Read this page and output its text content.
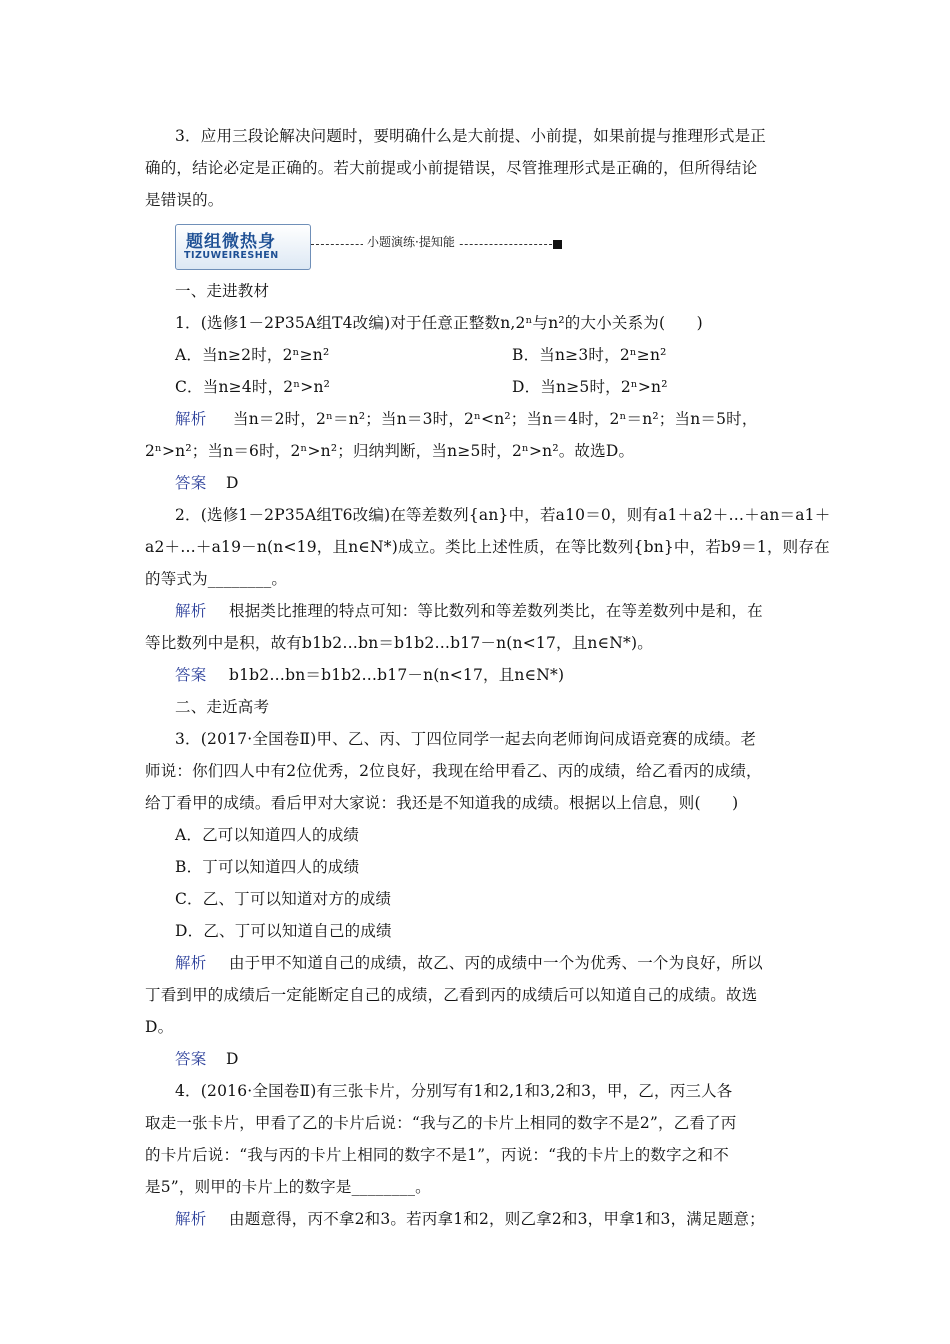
3．应用三段论解决问题时，要明确什么是大前提、小前提，如果前提与推理形式是正
确的，结论必定是正确的。若大前提或小前提错误，尽管推理形式是正确的，但所得结论
是错误的。
题组微热身
TIZUWEIRESHEN
小题演练·提知能
一、走进教材
1．(选修1－2P35A组T4改编)对于任意正整数n,2ⁿ与n²的大小关系为(　　)
A．当n≥2时，2ⁿ≥n²	B．当n≥3时，2ⁿ≥n²
C．当n≥4时，2ⁿ>n²	D．当n≥5时，2ⁿ>n²
解析 当n＝2时，2ⁿ＝n²；当n＝3时，2ⁿ<n²；当n＝4时，2ⁿ＝n²；当n＝5时，
2ⁿ>n²；当n＝6时，2ⁿ>n²；归纳判断，当n≥5时，2ⁿ>n²。故选D。
答案 D
2．(选修1－2P35A组T6改编)在等差数列{an}中，若a10＝0，则有a1＋a2＋…＋an＝a1＋
a2＋…＋a19－n(n<19，且n∈N*)成立。类比上述性质，在等比数列{bn}中，若b9＝1，则存在
的等式为________。
解析 根据类比推理的特点可知：等比数列和等差数列类比，在等差数列中是和，在
等比数列中是积，故有b1b2…bn＝b1b2…b17－n(n<17，且n∈N*)。
答案 b1b2…bn＝b1b2…b17－n(n<17，且n∈N*)
二、走近高考
3．(2017·全国卷Ⅱ)甲、乙、丙、丁四位同学一起去向老师询问成语竞赛的成绩。老
师说：你们四人中有2位优秀，2位良好，我现在给甲看乙、丙的成绩，给乙看丙的成绩，
给丁看甲的成绩。看后甲对大家说：我还是不知道我的成绩。根据以上信息，则(　　)
A．乙可以知道四人的成绩
B．丁可以知道四人的成绩
C．乙、丁可以知道对方的成绩
D．乙、丁可以知道自己的成绩
解析 由于甲不知道自己的成绩，故乙、丙的成绩中一个为优秀、一个为良好，所以
丁看到甲的成绩后一定能断定自己的成绩，乙看到丙的成绩后可以知道自己的成绩。故选
D。
答案 D
4．(2016·全国卷Ⅱ)有三张卡片，分别写有1和2,1和3,2和3，甲，乙，丙三人各
取走一张卡片，甲看了乙的卡片后说：“我与乙的卡片上相同的数字不是2”，乙看了丙
的卡片后说：“我与丙的卡片上相同的数字不是1”，丙说：“我的卡片上的数字之和不
是5”，则甲的卡片上的数字是________。
解析 由题意得，丙不拿2和3。若丙拿1和2，则乙拿2和3，甲拿1和3，满足题意；
